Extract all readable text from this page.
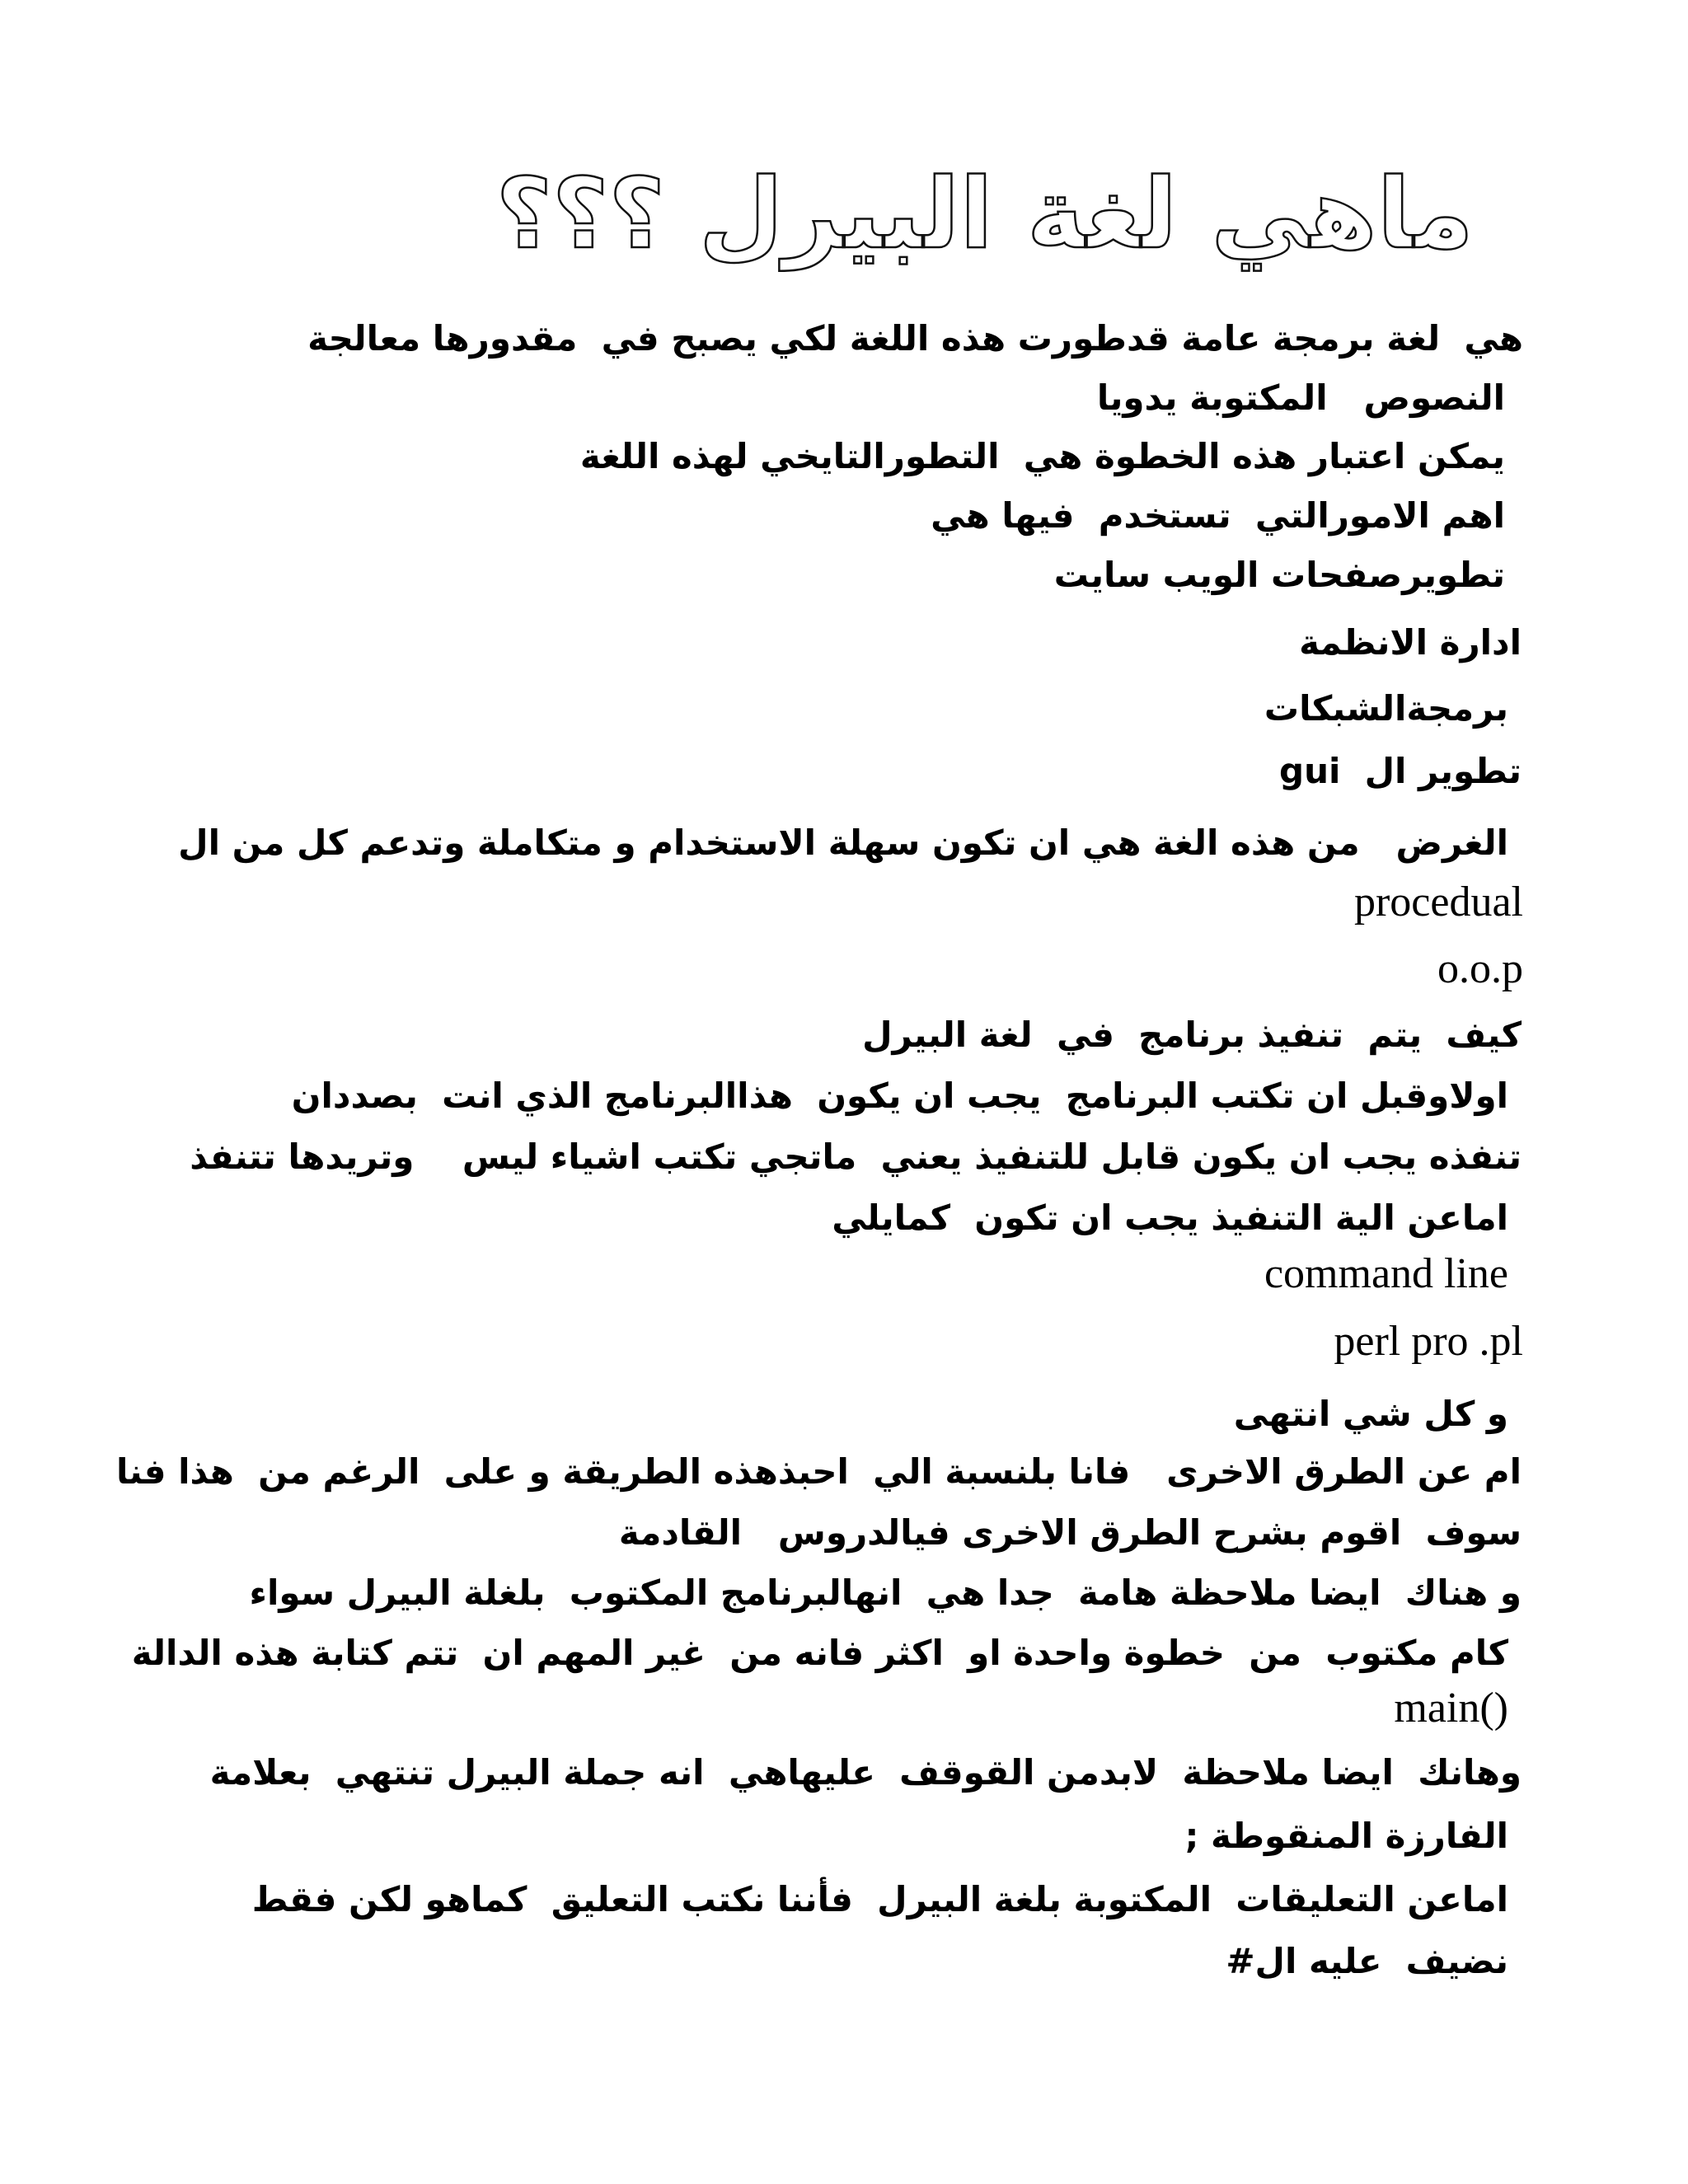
ماهي لغة البيرل ؟؟؟
هي  لغة برمجة عامة قدطورت هذه اللغة لكي يصبح في  مقدورها معالجة
النصوص   المكتوبة يدويا
يمكن اعتبار هذه الخطوة هي  التطورالتايخي لهذه اللغة
اهم الامورالتي  تستخدم  فيها هي
تطويرصفحات الويب سايت
ادارة الانظمة
برمجةالشبكات
تطوير ال  gui
الغرض   من هذه الغة هي ان تكون سهلة الاستخدام و متكاملة وتدعم كل من ال
procedual
o.o.p
كيف  يتم  تنفيذ برنامج  في  لغة البيرل
اولاوقبل ان تكتب البرنامج  يجب ان يكون  هذاالبرنامج الذي انت  بصددان
تنفذه يجب ان يكون قابل للتنفيذ يعني  ماتجي تكتب اشياء ليس    وتريدها تتنفذ
اماعن الية التنفيذ يجب ان تكون  كمايلي
command line
perl pro .pl
و كل شي انتهى
ام عن الطرق الاخرى   فانا بلنسبة الي  احبذهذه الطريقة و على  الرغم من  هذا فنا
سوف  اقوم بشرح الطرق الاخرى فيالدروس   القادمة
و هناك  ايضا ملاحظة هامة  جدا هي  انهالبرنامج المكتوب  بلغلة البيرل سواء
كام مكتوب  من  خطوة واحدة او  اكثر فانه من  غير المهم ان  تتم كتابة هذه الدالة
main()
وهانك  ايضا ملاحظة  لابدمن القوقف  عليهاهي  انه جملة البيرل تنتهي  بعلامة
الفارزة المنقوطة ;
اماعن التعليقات  المكتوبة بلغة البيرل  فأننا نكتب التعليق  كماهو لكن فقط
نضيف  عليه ال#
